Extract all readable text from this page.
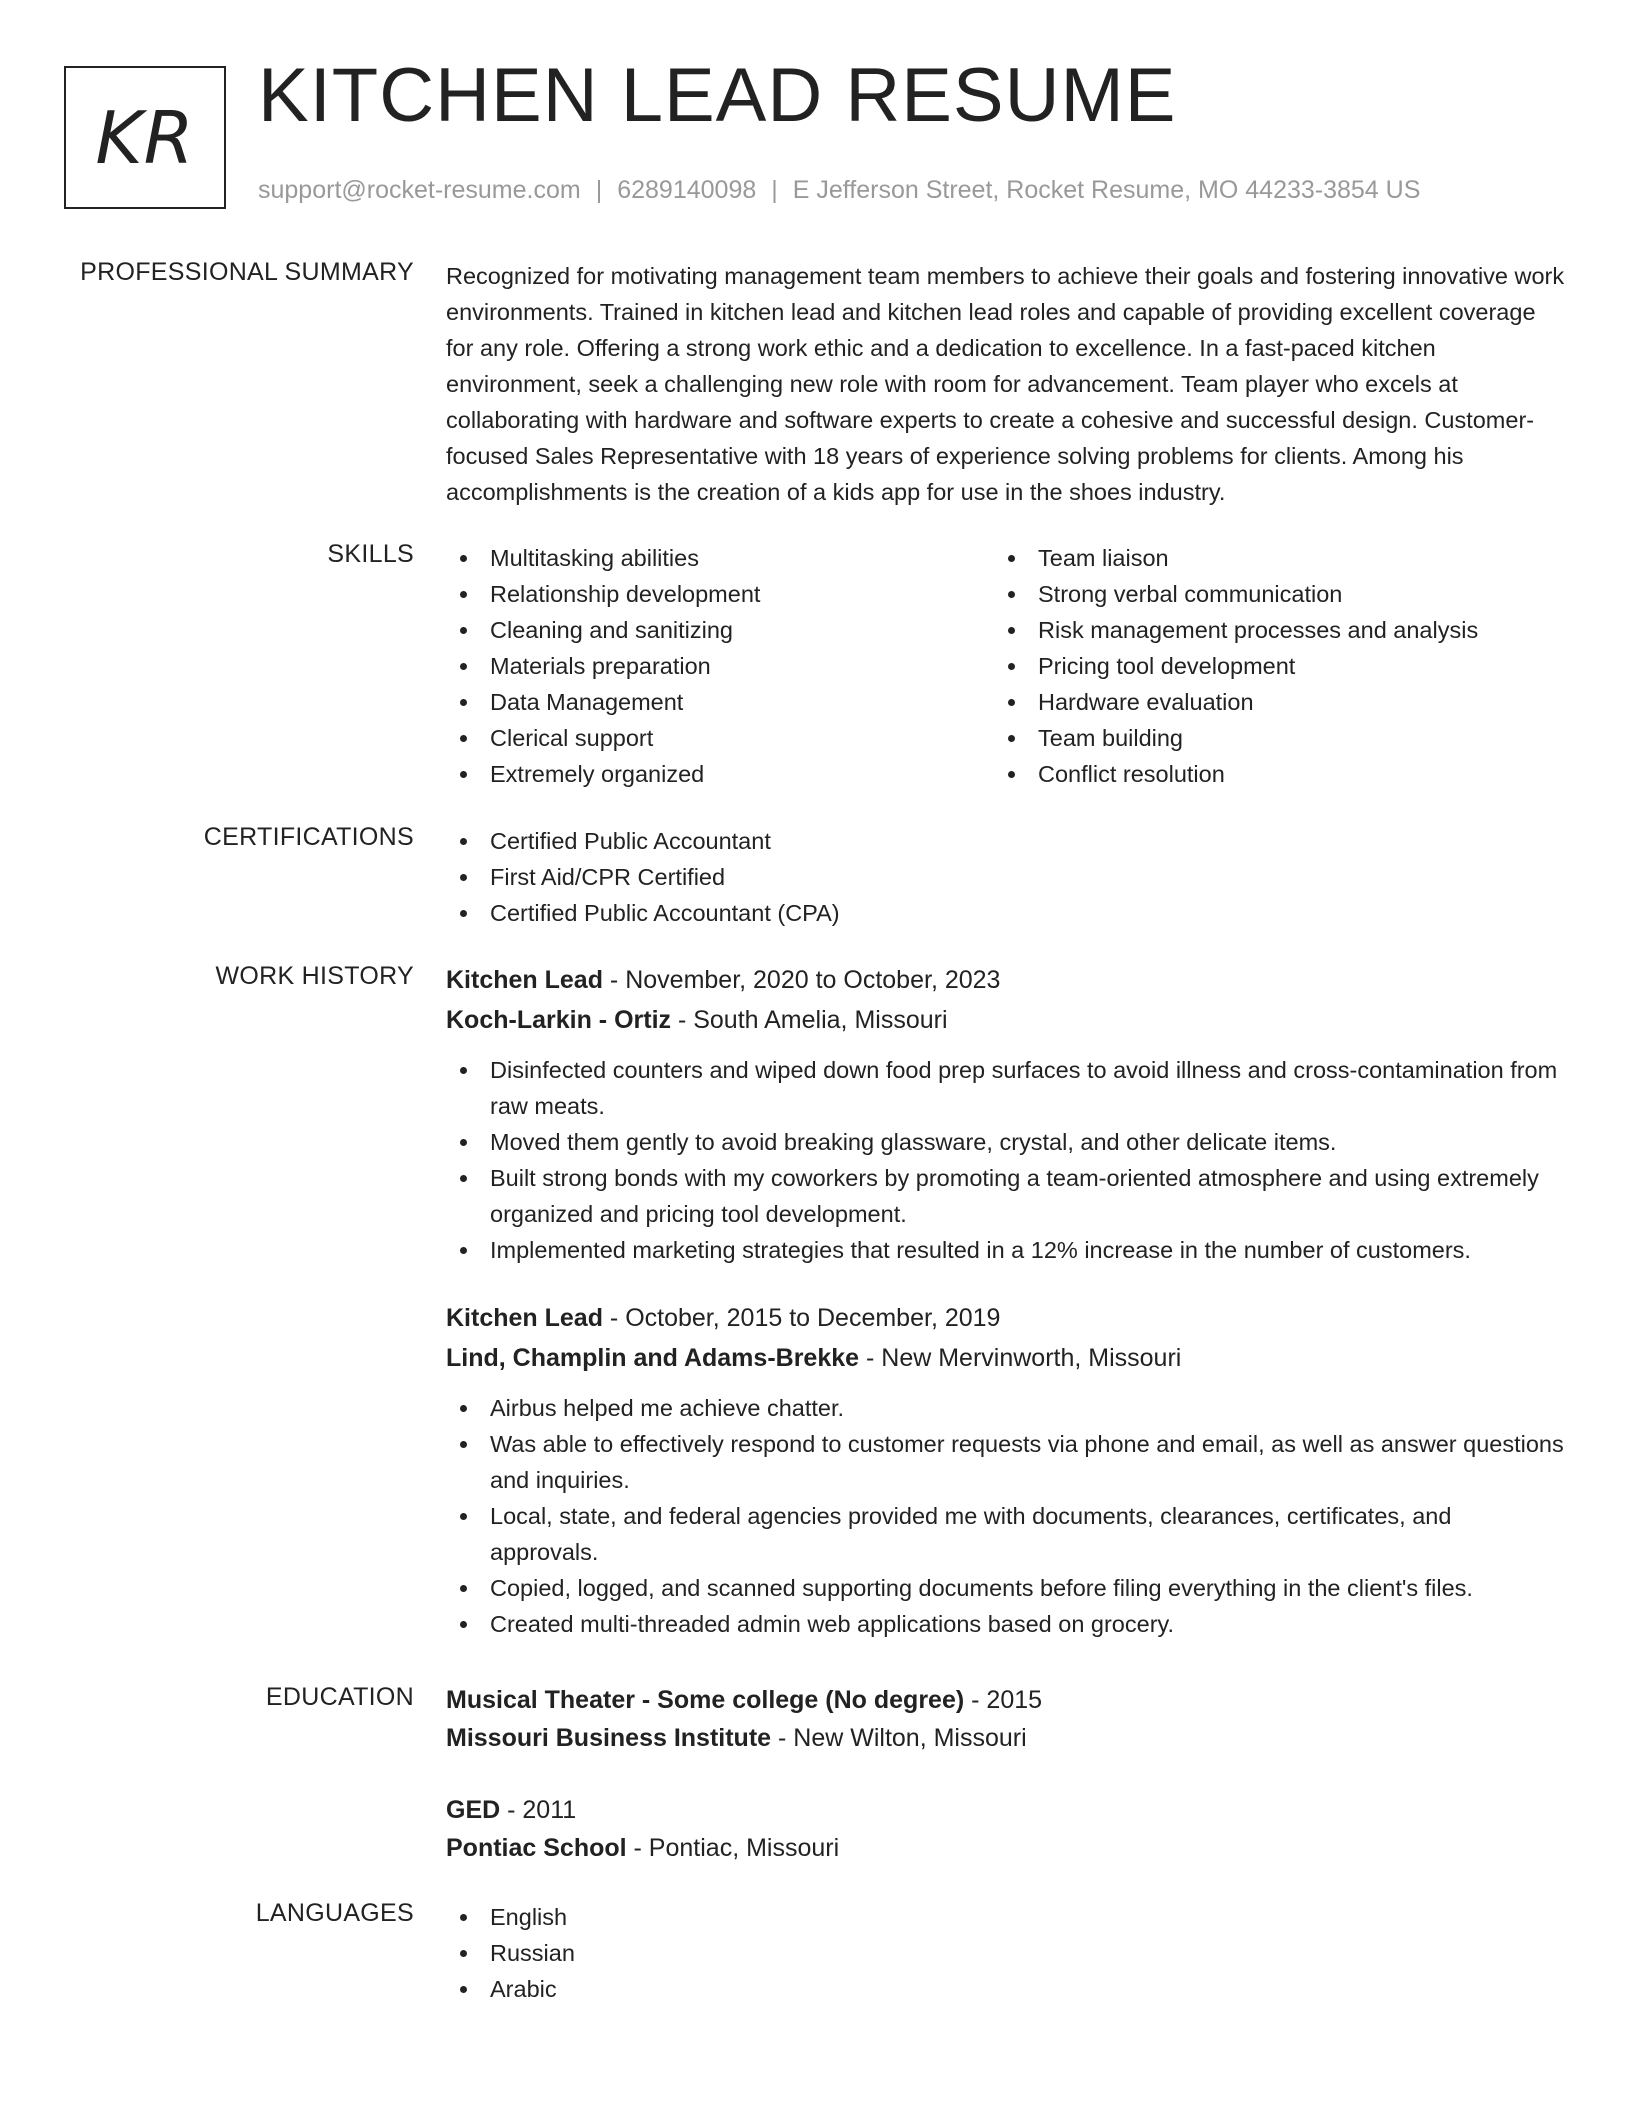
KR KITCHEN LEAD RESUME
support@rocket-resume.com | 6289140098 | E Jefferson Street, Rocket Resume, MO 44233-3854 US
PROFESSIONAL SUMMARY Recognized for motivating management team members to achieve their goals and fostering innovative work environments. Trained in kitchen lead and kitchen lead roles and capable of providing excellent coverage for any role. Offering a strong work ethic and a dedication to excellence. In a fast-paced kitchen environment, seek a challenging new role with room for advancement. Team player who excels at collaborating with hardware and software experts to create a cohesive and successful design. Customer-focused Sales Representative with 18 years of experience solving problems for clients. Among his accomplishments is the creation of a kids app for use in the shoes industry.
SKILLS	Multitasking abilities
Relationship development
Cleaning and sanitizing
Materials preparation
Data Management
Clerical support
Extremely organized
Team liaison
Strong verbal communication
Risk management processes and analysis
Pricing tool development
Hardware evaluation
Team building
Conflict resolution
CERTIFICATIONS	Certified Public Accountant
First Aid/CPR Certified
Certified Public Accountant (CPA)
WORK HISTORY Kitchen Lead - November, 2020 to October, 2023
Koch-Larkin - Ortiz - South Amelia, Missouri
Disinfected counters and wiped down food prep surfaces to avoid illness and cross-contamination from raw meats.
Moved them gently to avoid breaking glassware, crystal, and other delicate items.
Built strong bonds with my coworkers by promoting a team-oriented atmosphere and using extremely organized and pricing tool development.
Implemented marketing strategies that resulted in a 12% increase in the number of customers.
Kitchen Lead - October, 2015 to December, 2019
Lind, Champlin and Adams-Brekke - New Mervinworth, Missouri
Airbus helped me achieve chatter.
Was able to effectively respond to customer requests via phone and email, as well as answer questions and inquiries.
Local, state, and federal agencies provided me with documents, clearances, certificates, and approvals.
Copied, logged, and scanned supporting documents before filing everything in the client's files.
Created multi-threaded admin web applications based on grocery.
EDUCATION Musical Theater - Some college (No degree) - 2015
Missouri Business Institute - New Wilton, Missouri
GED - 2011
Pontiac School - Pontiac, Missouri
LANGUAGES	English
Russian
Arabic
